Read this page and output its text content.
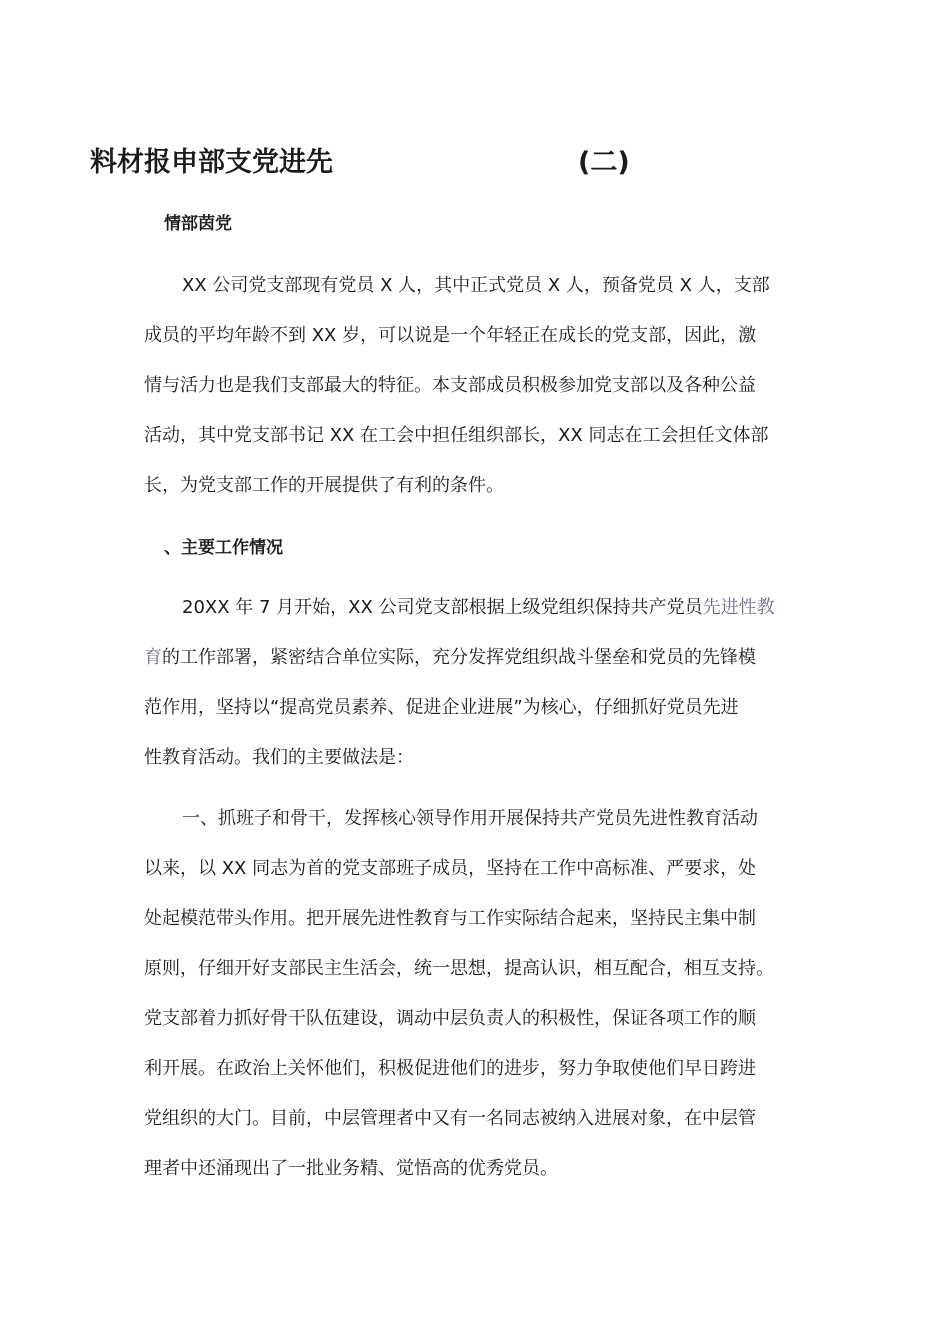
料材报申部支党进先	(二)
情部茵党
XX 公司党支部现有党员 X 人，其中正式党员 X 人，预备党员 X 人，支部
成员的平均年龄不到 XX 岁，可以说是一个年轻正在成长的党支部，因此，激
情与活力也是我们支部最大的特征。本支部成员积极参加党支部以及各种公益
活动，其中党支部书记 XX 在工会中担任组织部长，XX 同志在工会担任文体部
长，为党支部工作的开展提供了有利的条件。
、主要工作情况
20XX 年 7 月开始，XX 公司党支部根据上级党组织保持共产党员先进性教
育的工作部署，紧密结合单位实际，充分发挥党组织战斗堡垒和党员的先锋模
范作用，坚持以“提高党员素养、促进企业进展”为核心，仔细抓好党员先进
性教育活动。我们的主要做法是：
一、抓班子和骨干，发挥核心领导作用开展保持共产党员先进性教育活动
以来，以 XX 同志为首的党支部班子成员，坚持在工作中高标准、严要求，处
处起模范带头作用。把开展先进性教育与工作实际结合起来，坚持民主集中制
原则，仔细开好支部民主生活会，统一思想，提高认识，相互配合，相互支持。
党支部着力抓好骨干队伍建设，调动中层负责人的积极性，保证各项工作的顺
利开展。在政治上关怀他们，积极促进他们的进步，努力争取使他们早日跨进
党组织的大门。目前，中层管理者中又有一名同志被纳入进展对象，在中层管
理者中还涌现出了一批业务精、觉悟高的优秀党员。
